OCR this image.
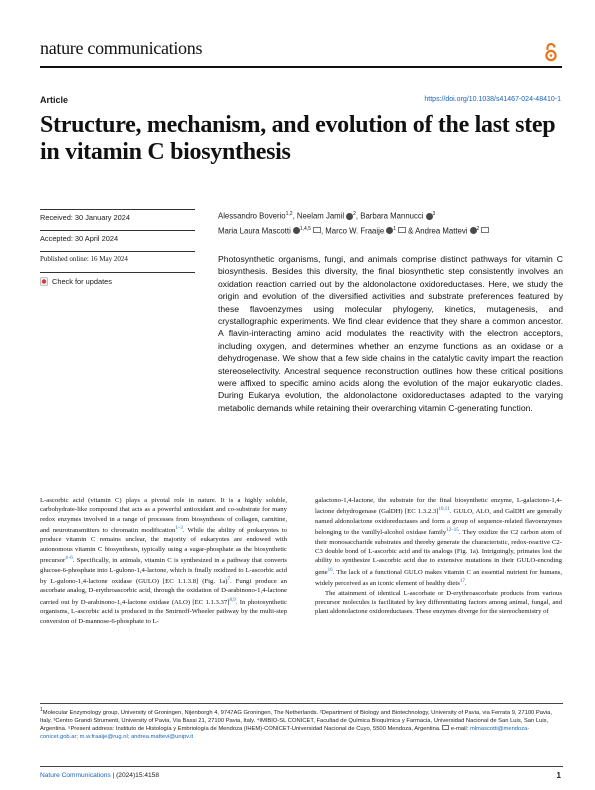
nature communications
Article	https://doi.org/10.1038/s41467-024-48410-1
Structure, mechanism, and evolution of the last step in vitamin C biosynthesis
Received: 30 January 2024
Accepted: 30 April 2024
Published online: 16 May 2024
Check for updates
Alessandro Boverio$^{1,2}$, Neelam Jamil $^2$, Barbara Mannucci $^3$
Maria Laura Mascotti $^{1,4,5}$ , Marco W. Fraaije $^1$ & Andrea Mattevi $^2$

Photosynthetic organisms, fungi, and animals comprise distinct pathways for vitamin C biosynthesis. Besides this diversity, the final biosynthetic step consistently involves an oxidation reaction carried out by the aldonolactone oxidoreductases. Here, we study the origin and evolution of the diversified activities and substrate preferences featured by these flavoenzymes using molecular phylogeny, kinetics, mutagenesis, and crystallographic experiments. We find clear evidence that they share a common ancestor. A flavin-interacting amino acid modulates the reactivity with the electron acceptors, including oxygen, and determines whether an enzyme functions as an oxidase or a dehydrogenase. We show that a few side chains in the catalytic cavity impart the reaction stereoselectivity. Ancestral sequence reconstruction outlines how these critical positions were affixed to specific amino acids along the evolution of the major eukaryotic clades. During Eukarya evolution, the aldonolactone oxidoreductases adapted to the varying metabolic demands while retaining their overarching vitamin C-generating function.

L-ascorbic acid (vitamin C) plays a pivotal role in nature. It is a highly soluble, carbohydrate-like compound that acts as a powerful antioxidant and co-substrate for many redox enzymes involved in a range of processes from biosynthesis of collagen, carnitine, and neurotransmitters to chromatin modification$^{1-3}$. While the ability of prokaryotes to produce vitamin C remains unclear, the majority of eukaryotes are endowed with autonomous vitamin C biosynthesis, typically using a sugar-phosphate as the biosynthetic precursor$^{4-6}$. Specifically, in animals, vitamin C is synthesized in a pathway that converts glucose-6-phosphate into L-gulono-1,4-lactone, which is finally oxidized to L-ascorbic acid by L-gulono-1,4-lactone oxidase (GULO) [EC 1.1.3.8] (Fig. 1a)$^7$. Fungi produce an ascorbate analog, D-erythroascorbic acid, through the oxidation of D-arabinono-1,4-lactone carried out by D-arabinono-1,4-lactone oxidase (ALO) [EC 1.1.3.37]$^{8,9}$. In photosynthetic organisms, L-ascorbic acid is produced in the Smirnoff-Wheeler pathway by the multi-step conversion of D-mannose-6-phosphate to L-

galactono-1,4-lactone, the substrate for the final biosynthetic enzyme, L-galactono-1,4-lactone dehydrogenase (GalDH) [EC 1.3.2.3]$^{10,11}$. GULO, ALO, and GalDH are generally named aldonolactone oxidoreductases and form a group of sequence-related flavoenzymes belonging to the vanillyl-alcohol oxidase family$^{12-15}$. They oxidize the C2 carbon atom of their monosaccharide substrates and thereby generate the characteristic, redox-reactive C2-C3 double bond of L-ascorbic acid and its analogs (Fig. 1a). Intriguingly, primates lost the ability to synthesize L-ascorbic acid due to extensive mutations in their GULO-encoding gene$^{16}$. The lack of a functional GULO makes vitamin C an essential nutrient for humans, widely perceived as an iconic element of healthy diets$^{17}$.

The attainment of identical L-ascorbate or D-erythroascorbate products from various precursor molecules is facilitated by key differentiating factors among animal, fungal, and plant aldonolactone oxidoreductases. These enzymes diverge for the stereochemistry of

$^1$Molecular Enzymology group, University of Groningen, Nijenborgh 4, 9747AG Groningen, The Netherlands. ²Department of Biology and Biotechnology, University of Pavia, via Ferrata 9, 27100 Pavia, Italy. ³Centro Grandi Strumenti, University of Pavia, Via Bassi 21, 27100 Pavia, Italy. ⁴IMIBIO-SL CONICET, Facultad de Química Bioquímica y Farmacia, Universidad Nacional de San Luis, San Luis, Argentina. ⁵Present address: Instituto de Histología y Embriología de Mendoza (IHEM)-CONICET-Universidad Nacional de Cuyo, 5500 Mendoza, Argentina. e-mail: mlmascotti@mendoza-conicet.gob.ar; m.w.fraaije@rug.nl; andrea.mattevi@unipv.it
Nature Communications | (2024)15:4158	1
